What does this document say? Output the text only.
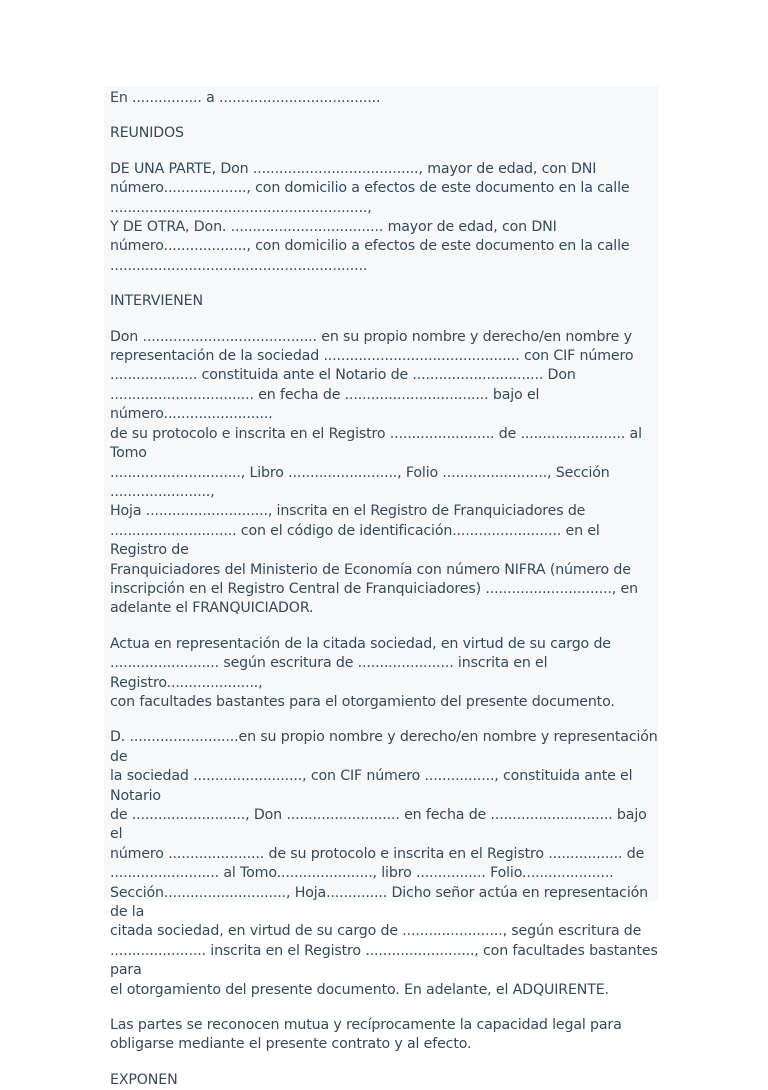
En ................ a .....................................

REUNIDOS

DE UNA PARTE, Don ......................................, mayor de edad, con DNI
número..................., con domicilio a efectos de este documento en la calle
...........................................................,

Y DE OTRA, Don. ................................... mayor de edad, con DNI
número..................., con domicilio a efectos de este documento en la calle
...........................................................

INTERVIENEN

Don ........................................ en su propio nombre y derecho/en nombre y
representación de la sociedad ............................................. con CIF número
.................... constituida ante el Notario de .............................. Don
................................. en fecha de ................................. bajo el número.........................
de su protocolo e inscrita en el Registro ........................ de ........................ al Tomo
.............................., Libro ........................., Folio ........................, Sección .......................,
Hoja ............................, inscrita en el Registro de Franquiciadores de
............................. con el código de identificación......................... en el Registro de
Franquiciadores del Ministerio de Economía con número NIFRA (número de
inscripción en el Registro Central de Franquiciadores) ............................., en
adelante el FRANQUICIADOR.

Actua en representación de la citada sociedad, en virtud de su cargo de
......................... según escritura de ...................... inscrita en el Registro.....................,
con facultades bastantes para el otorgamiento del presente documento.

D. .........................en su propio nombre y derecho/en nombre y representación de
la sociedad ........................., con CIF número ................, constituida ante el Notario
de .........................., Don .......................... en fecha de ............................ bajo el
número ...................... de su protocolo e inscrita en el Registro ................. de
......................... al Tomo......................, libro ................ Folio.....................
Sección............................, Hoja.............. Dicho señor actúa en representación de la
citada sociedad, en virtud de su cargo de ......................., según escritura de
...................... inscrita en el Registro ........................., con facultades bastantes para
el otorgamiento del presente documento. En adelante, el ADQUIRENTE.

Las partes se reconocen mutua y recíprocamente la capacidad legal para
obligarse mediante el presente contrato y al efecto.

EXPONEN
